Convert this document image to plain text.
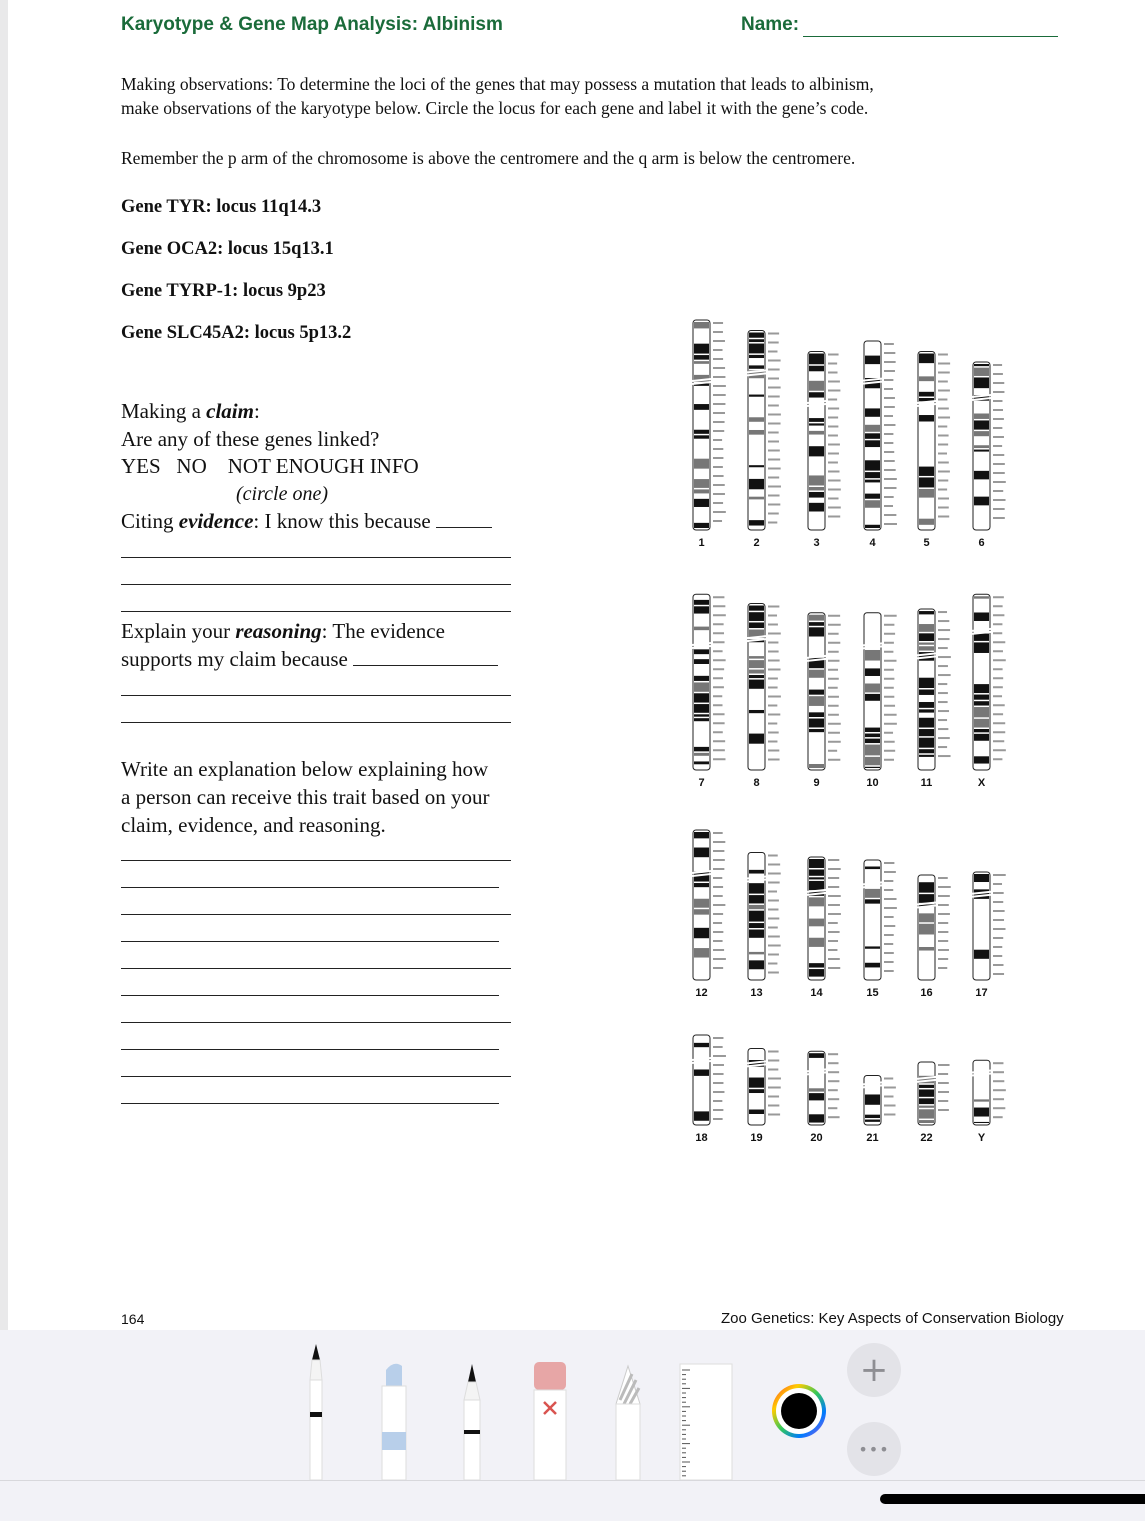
Karyotype & Gene Map Analysis: Albinism	Name:
Making observations: To determine the loci of the genes that may possess a mutation that leads to albinism,
make observations of the karyotype below. Circle the locus for each gene and label it with the gene’s code.
Remember the p arm of the chromosome is above the centromere and the q arm is below the centromere.
Gene TYR: locus 11q14.3
Gene OCA2: locus 15q13.1
Gene TYRP-1: locus 9p23
Gene SLC45A2: locus 5p13.2
Making a claim:
Are any of these genes linked?
YES   NO    NOT ENOUGH INFO
(circle one)
Citing evidence: I know this because
Explain your reasoning: The evidence
supports my claim because
Write an explanation below explaining how
a person can receive this trait based on your
claim, evidence, and reasoning.
1	2	3	4	5	6
7	8	9	10	11	X
12	13	14	15	16	17
18	19	20	21	22	Y
164	Zoo Genetics: Key Aspects of Conservation Biology
+
•••
